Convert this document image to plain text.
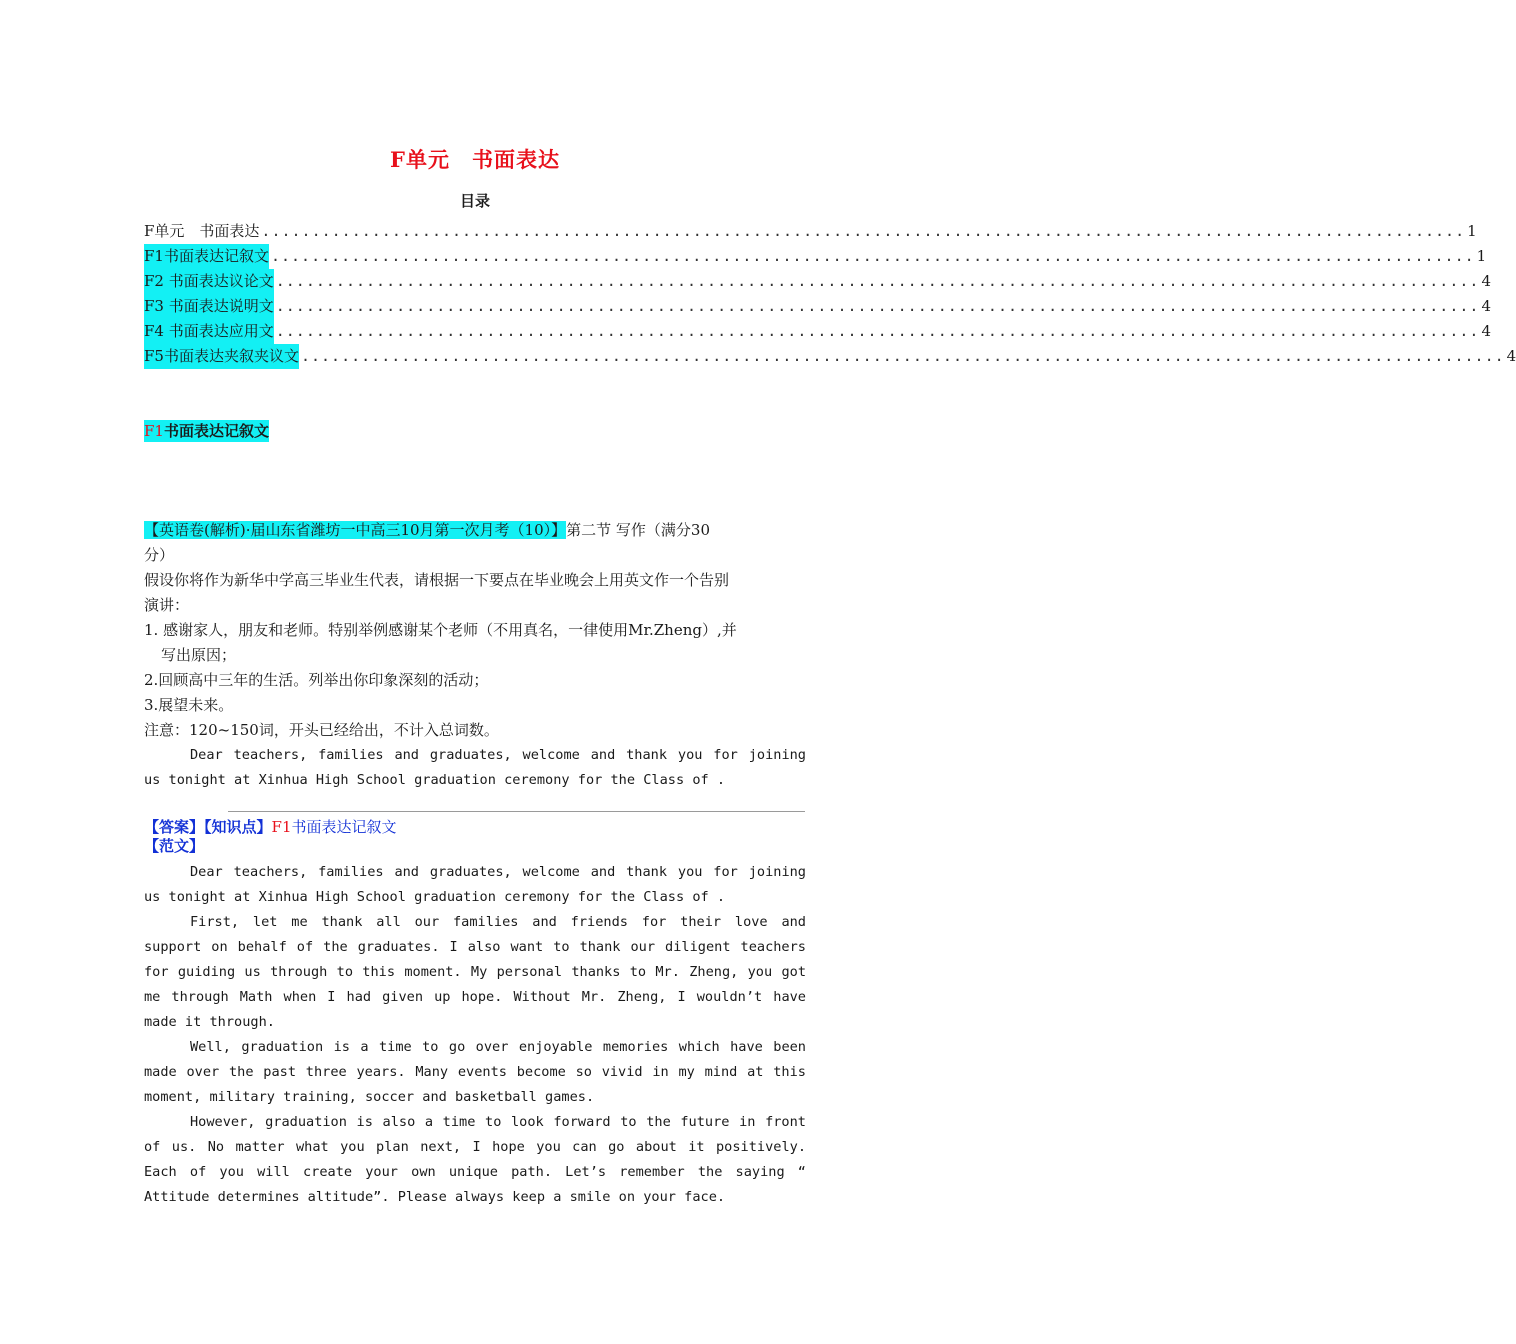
F单元　书面表达
目录
F单元　书面表达 ........................................................................................................................ 1
F1书面表达记叙文 ........................................................................................................................ 1
F2 书面表达议论文 ........................................................................................................................ 4
F3 书面表达说明文 ........................................................................................................................ 4
F4 书面表达应用文 ........................................................................................................................ 4
F5书面表达夹叙夹议文 ........................................................................................................................ 4
F1书面表达记叙文
【英语卷(解析)·届山东省潍坊一中高三10月第一次月考（10）】第二节 写作（满分30
分）
假设你将作为新华中学高三毕业生代表，请根据一下要点在毕业晚会上用英文作一个告别
演讲：
1. 感谢家人，朋友和老师。特别举例感谢某个老师（不用真名，一律使用Mr.Zheng）,并
写出原因；
2.回顾高中三年的生活。列举出你印象深刻的活动；
3.展望未来。
注意：120~150词，开头已经给出，不计入总词数。
Dear teachers, families and graduates, welcome and thank you for joining
us tonight at Xinhua High School graduation ceremony for the Class of .
【答案】【知识点】F1书面表达记叙文
【范文】
Dear teachers, families and graduates, welcome and thank you for joining
us tonight at Xinhua High School graduation ceremony for the Class of .
First, let me thank all our families and friends for their love and
support on behalf of the graduates. I also want to thank our diligent teachers
for guiding us through to this moment. My personal thanks to Mr. Zheng, you got
me through Math when I had given up hope. Without Mr. Zheng, I wouldn’t have
made it through.
Well, graduation is a time to go over enjoyable memories which have been
made over the past three years. Many events become so vivid in my mind at this
moment, military training, soccer and basketball games.
However, graduation is also a time to look forward to the future in front
of us. No matter what you plan next, I hope you can go about it positively.
Each of you will create your own unique path. Let’s remember the saying “
Attitude determines altitude”. Please always keep a smile on your face.
